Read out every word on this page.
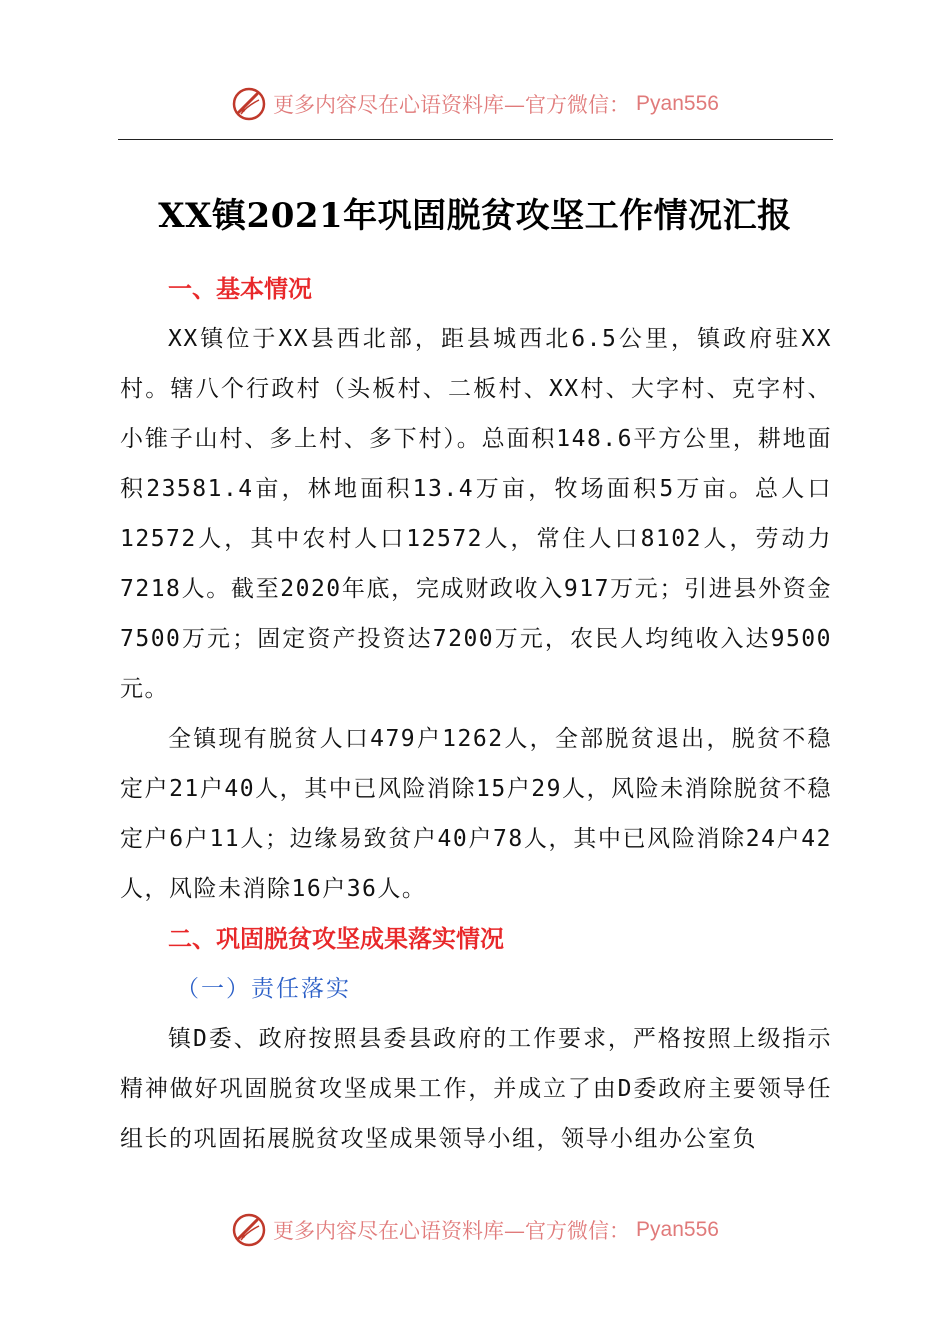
更多内容尽在心语资料库—官方微信： Pyan556
XX镇2021年巩固脱贫攻坚工作情况汇报

一、基本情况

XX镇位于XX县西北部，距县城西北6.5公里，镇政府驻XX村。辖八个行政村（头板村、二板村、XX村、大字村、克字村、小锥子山村、多上村、多下村）。总面积148.6平方公里，耕地面积23581.4亩，林地面积13.4万亩，牧场面积5万亩。总人口12572人，其中农村人口12572人，常住人口8102人，劳动力7218人。截至2020年底，完成财政收入917万元；引进县外资金7500万元；固定资产投资达7200万元，农民人均纯收入达9500元。

全镇现有脱贫人口479户1262人，全部脱贫退出，脱贫不稳定户21户40人，其中已风险消除15户29人，风险未消除脱贫不稳定户6户11人；边缘易致贫户40户78人，其中已风险消除24户42人，风险未消除16户36人。

二、巩固脱贫攻坚成果落实情况

（一）责任落实

镇D委、政府按照县委县政府的工作要求，严格按照上级指示精神做好巩固脱贫攻坚成果工作，并成立了由D委政府主要领导任组长的巩固拓展脱贫攻坚成果领导小组，领导小组办公室负

更多内容尽在心语资料库—官方微信： Pyan556
